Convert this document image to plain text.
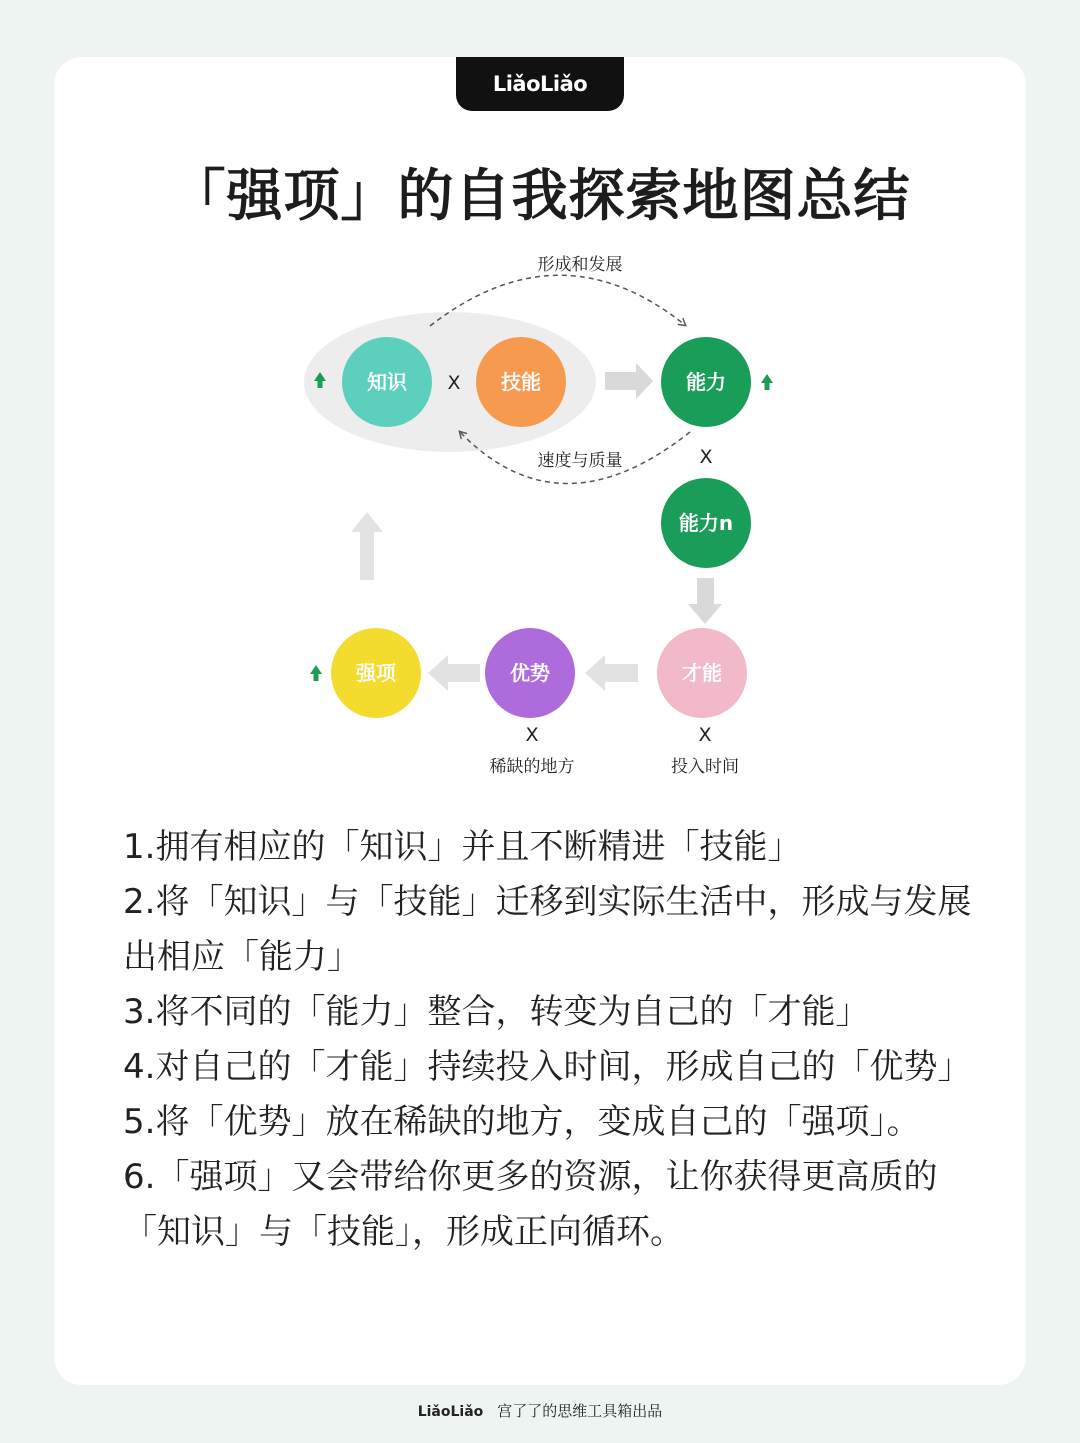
LiǎoLiǎo
「强项」的自我探索地图总结
知识	技能	能力
能力n
才能
优势
强项
X
X
X	X
形成和发展
速度与质量
稀缺的地方	投入时间
1.拥有相应的「知识」并且不断精进「技能」
2.将「知识」与「技能」迁移到实际生活中，形成与发展出相应「能力」
3.将不同的「能力」整合，转变为自己的「才能」
4.对自己的「才能」持续投入时间，形成自己的「优势」
5.将「优势」放在稀缺的地方，变成自己的「强项」。
6.「强项」又会带给你更多的资源，让你获得更高质的「知识」与「技能」，形成正向循环。
LiǎoLiǎo 宫了了的思维工具箱出品
